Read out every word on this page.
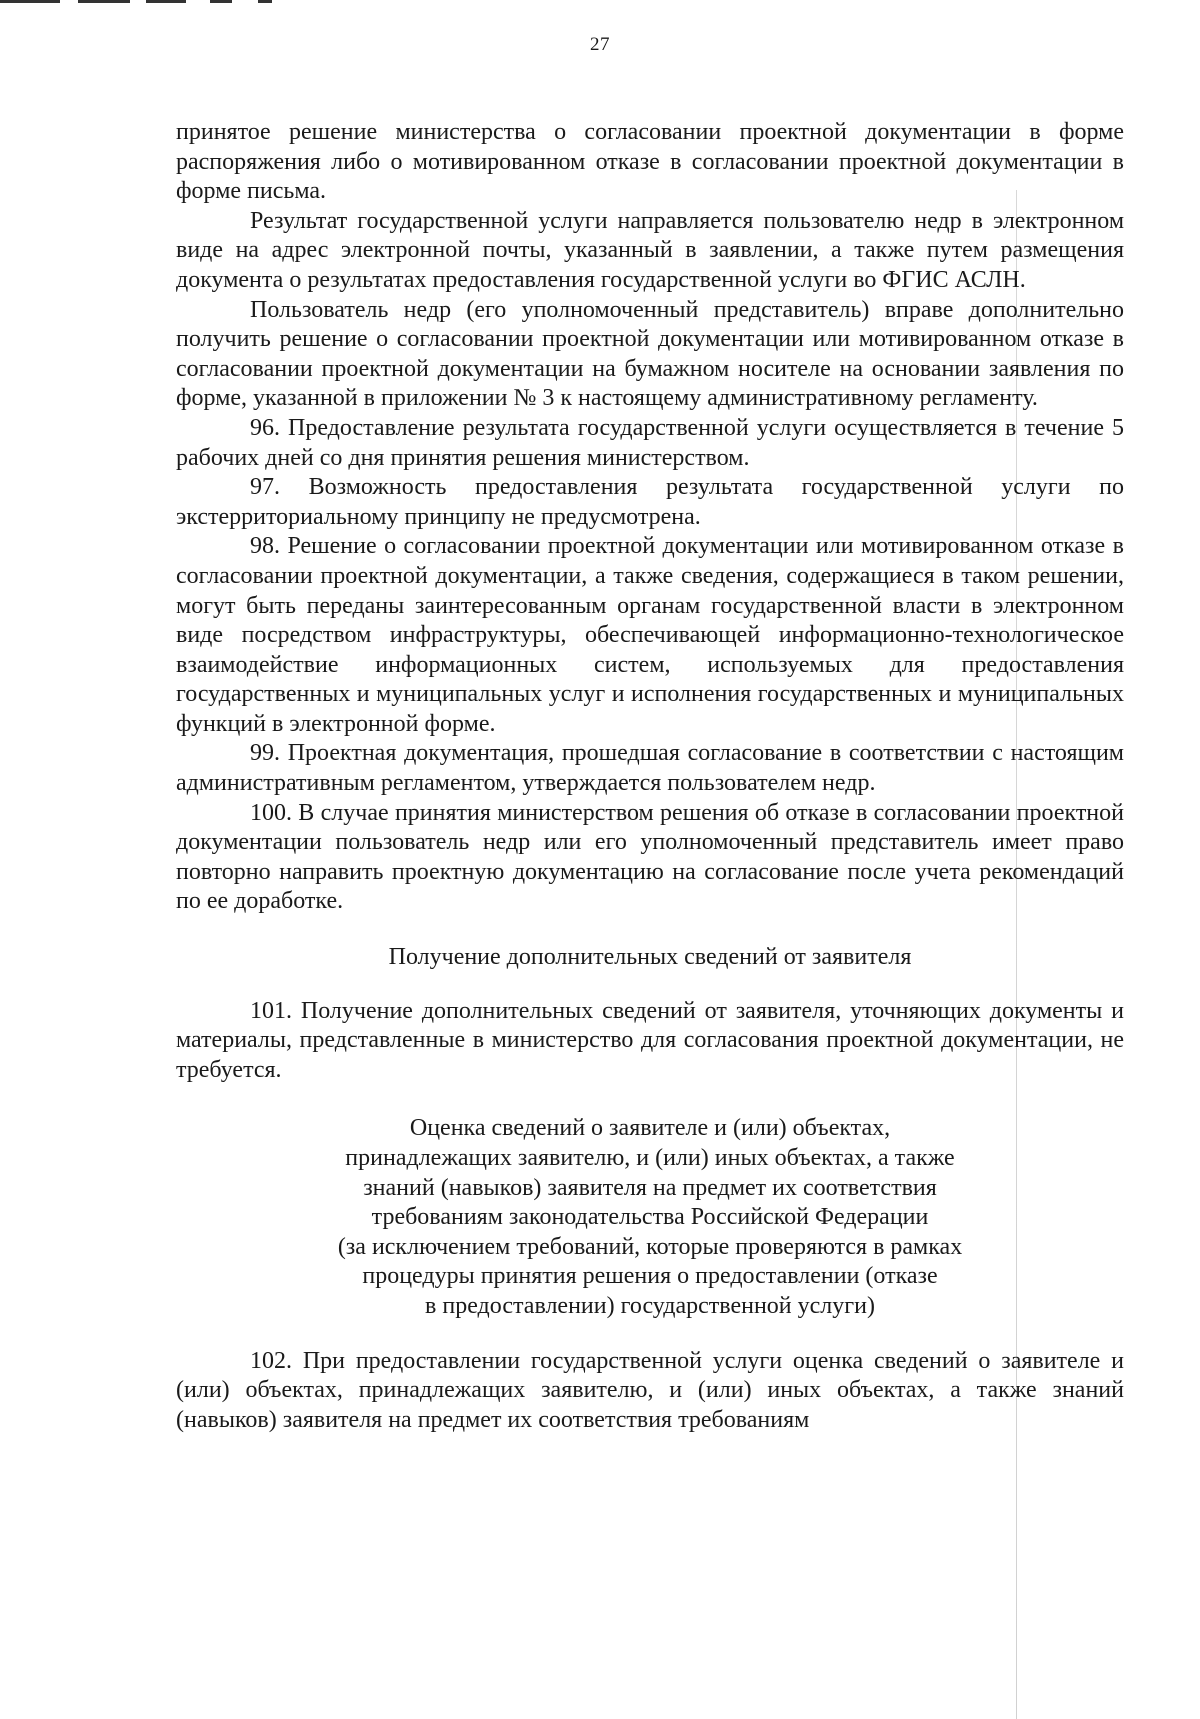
27

принятое решение министерства о согласовании проектной документации в форме распоряжения либо о мотивированном отказе в согласовании проектной документации в форме письма.

Результат государственной услуги направляется пользователю недр в электронном виде на адрес электронной почты, указанный в заявлении, а также путем размещения документа о результатах предоставления государственной услуги во ФГИС АСЛН.

Пользователь недр (его уполномоченный представитель) вправе дополнительно получить решение о согласовании проектной документации или мотивированном отказе в согласовании проектной документации на бумажном носителе на основании заявления по форме, указанной в приложении № 3 к настоящему административному регламенту.

96. Предоставление результата государственной услуги осуществляется в течение 5 рабочих дней со дня принятия решения министерством.

97. Возможность предоставления результата государственной услуги по экстерриториальному принципу не предусмотрена.

98. Решение о согласовании проектной документации или мотивированном отказе в согласовании проектной документации, а также сведения, содержащиеся в таком решении, могут быть переданы заинтересованным органам государственной власти в электронном виде посредством инфраструктуры, обеспечивающей информационно-технологическое взаимодействие информационных систем, используемых для предоставления государственных и муниципальных услуг и исполнения государственных и муниципальных функций в электронной форме.

99. Проектная документация, прошедшая согласование в соответствии с настоящим административным регламентом, утверждается пользователем недр.

100. В случае принятия министерством решения об отказе в согласовании проектной документации пользователь недр или его уполномоченный представитель имеет право повторно направить проектную документацию на согласование после учета рекомендаций по ее доработке.

Получение дополнительных сведений от заявителя

101. Получение дополнительных сведений от заявителя, уточняющих документы и материалы, представленные в министерство для согласования проектной документации, не требуется.

Оценка сведений о заявителе и (или) объектах,
принадлежащих заявителю, и (или) иных объектах, а также
знаний (навыков) заявителя на предмет их соответствия
требованиям законодательства Российской Федерации
(за исключением требований, которые проверяются в рамках
процедуры принятия решения о предоставлении (отказе
в предоставлении) государственной услуги)

102. При предоставлении государственной услуги оценка сведений о заявителе и (или) объектах, принадлежащих заявителю, и (или) иных объектах, а также знаний (навыков) заявителя на предмет их соответствия требованиям
